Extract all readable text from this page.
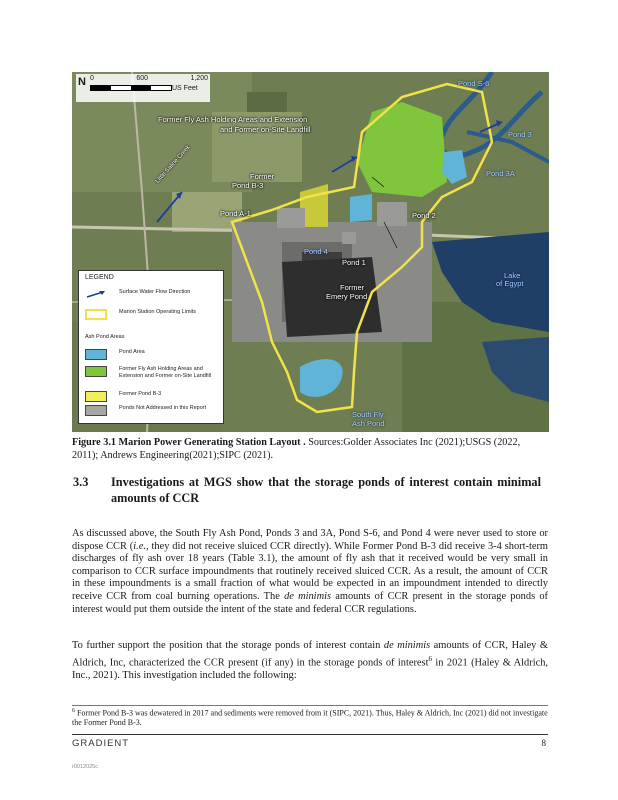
N 0	600	1,200
US Feet
Pond S-6
Pond 3
Pond 3A
Former Fly Ash Holding Areas and Extension
and Former on-Site Landfill
Former
Pond B-3
Pond A-1	Pond 2
Pond 4
Pond 1
Former
Emery Pond
South Fly
Ash Pond
Lake
of Egypt
Little Saline Creek
LEGEND
Surface Water Flow Direction
Marion Station Operating Limits
Ash Pond Areas
Pond Area
Former Fly Ash Holding Areas and Extension and Former on-Site Landfill
Former Pond B-3
Ponds Not Addressed in this Report
Figure 3.1 Marion Power Generating Station Layout . Sources:Golder Associates Inc (2021);USGS (2022, 2011); Andrews Engineering(2021);SIPC (2021).
3.3	Investigations at MGS show that the storage ponds of interest contain minimal amounts of CCR

As discussed above, the South Fly Ash Pond, Ponds 3 and 3A, Pond S-6, and Pond 4 were never used to store or dispose CCR (i.e., they did not receive sluiced CCR directly). While Former Pond B-3 did receive 3-4 short-term discharges of fly ash over 18 years (Table 3.1), the amount of fly ash that it received would be very small in comparison to CCR surface impoundments that routinely received sluiced CCR. As a result, the amount of CCR in these impoundments is a small fraction of what would be expected in an impoundment intended to directly receive CCR from coal burning operations. The de minimis amounts of CCR present in the storage ponds of interest would put them outside the intent of the state and federal CCR regulations.

To further support the position that the storage ponds of interest contain de minimis amounts of CCR, Haley & Aldrich, Inc, characterized the CCR present (if any) in the storage ponds of interest$^6$ in 2021 (Haley & Aldrich, Inc., 2021). This investigation included the following:

$^6$ Former Pond B-3 was dewatered in 2017 and sediments were removed from it (SIPC, 2021). Thus, Haley & Aldrich, Inc (2021) did not investigate the Former Pond B-3.
GRADIENT	8
r0012025c
